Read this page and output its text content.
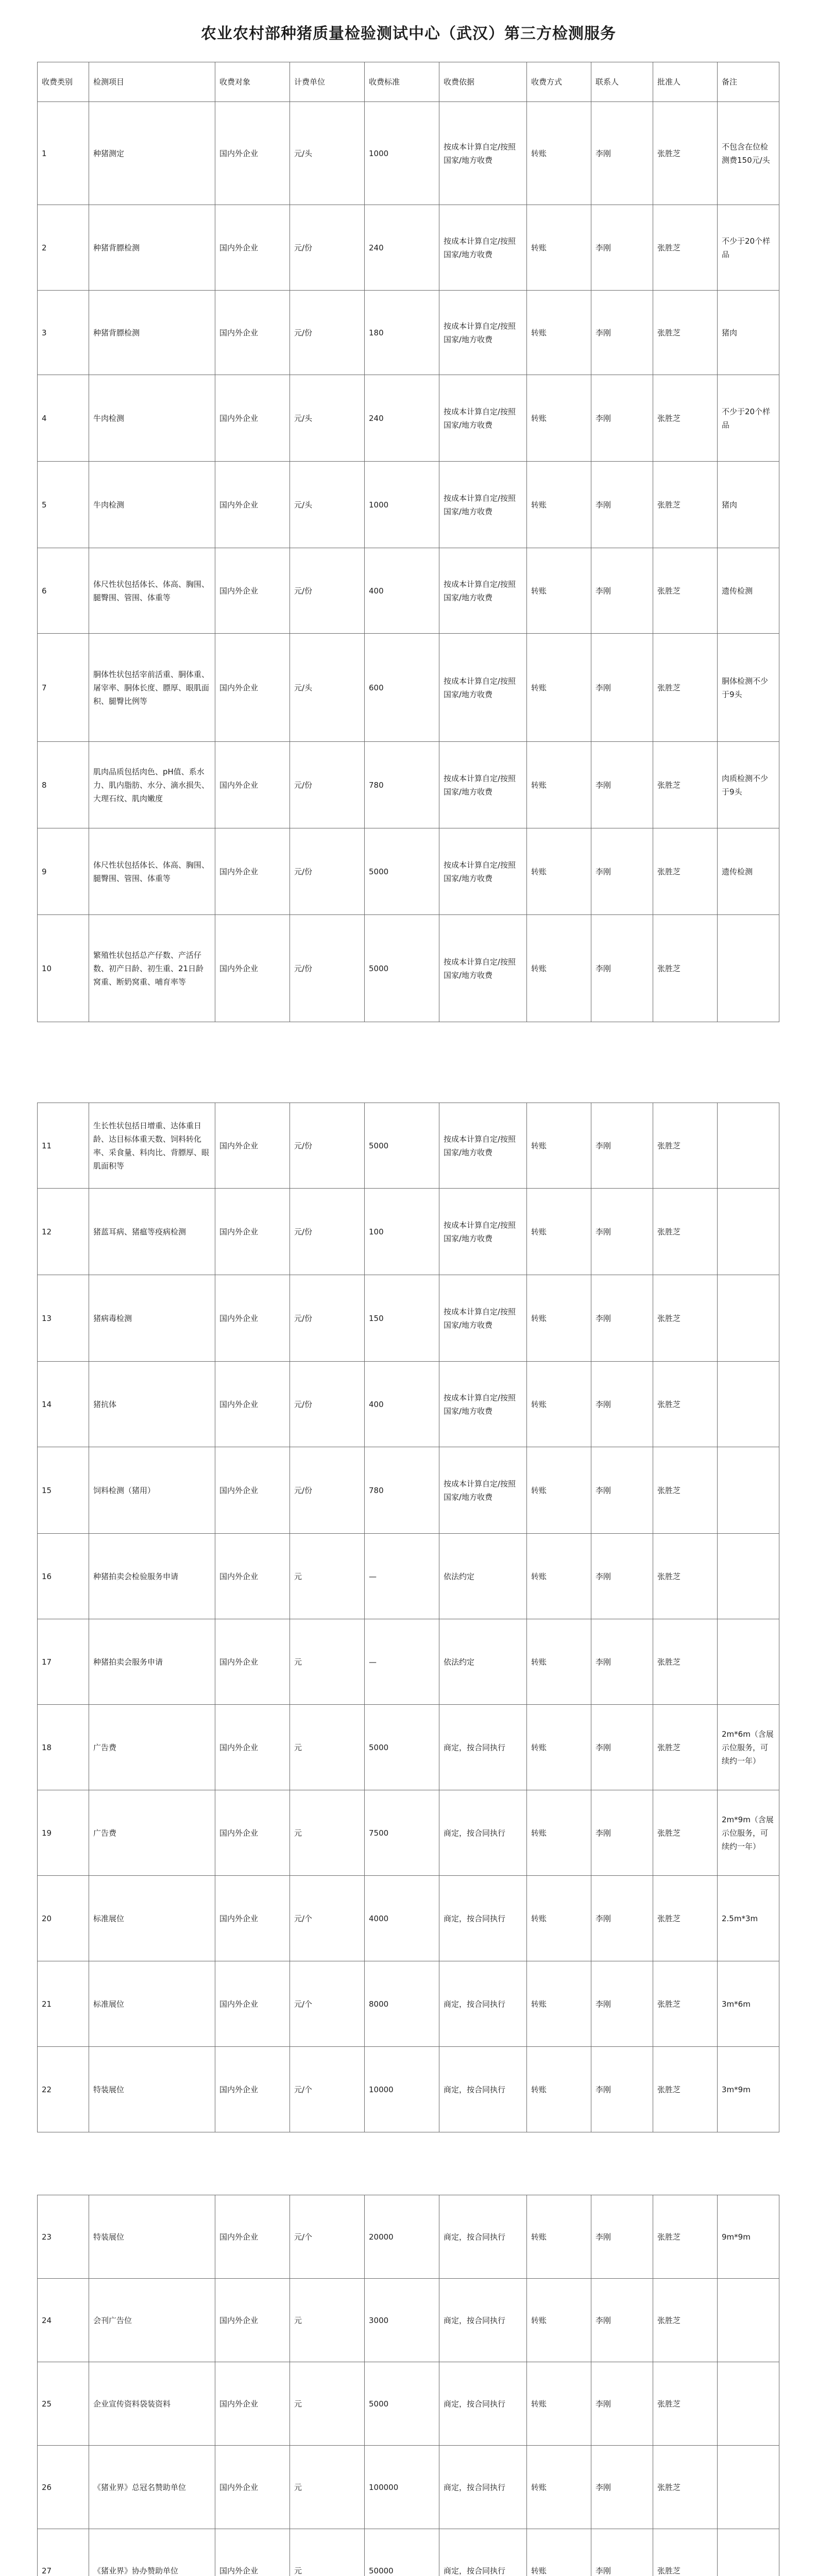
农业农村部种猪质量检验测试中心（武汉）第三方检测服务
收费类别	检测项目	收费对象	计费单位	收费标准	收费依据	收费方式	联系人	批准人	备注
1	种猪测定	国内外企业	元/头	1000	按成本计算自定/按照国家/地方收费	转账	李刚	张胜芝	不包含在位检测费150元/头
2	种猪背膘检测	国内外企业	元/份	240	按成本计算自定/按照国家/地方收费	转账	李刚	张胜芝	不少于20个样品
3	种猪背膘检测	国内外企业	元/份	180	按成本计算自定/按照国家/地方收费	转账	李刚	张胜芝	猪肉
4	牛肉检测	国内外企业	元/头	240	按成本计算自定/按照国家/地方收费	转账	李刚	张胜芝	不少于20个样品
5	牛肉检测	国内外企业	元/头	1000	按成本计算自定/按照国家/地方收费	转账	李刚	张胜芝	猪肉
6	体尺性状包括体长、体高、胸围、腿臀围、管围、体重等	国内外企业	元/份	400	按成本计算自定/按照国家/地方收费	转账	李刚	张胜芝	遗传检测
7	胴体性状包括宰前活重、胴体重、屠宰率、胴体长度、膘厚、眼肌面积、腿臀比例等	国内外企业	元/头	600	按成本计算自定/按照国家/地方收费	转账	李刚	张胜芝	胴体检测不少于9头
8	肌肉品质包括肉色、pH值、系水力、肌内脂肪、水分、滴水损失、大理石纹、肌肉嫩度	国内外企业	元/份	780	按成本计算自定/按照国家/地方收费	转账	李刚	张胜芝	肉质检测不少于9头
9	体尺性状包括体长、体高、胸围、腿臀围、管围、体重等	国内外企业	元/份	5000	按成本计算自定/按照国家/地方收费	转账	李刚	张胜芝	遗传检测
10	繁殖性状包括总产仔数、产活仔数、初产日龄、初生重、21日龄窝重、断奶窝重、哺育率等	国内外企业	元/份	5000	按成本计算自定/按照国家/地方收费	转账	李刚	张胜芝	
11	生长性状包括日增重、达体重日龄、达目标体重天数、饲料转化率、采食量、料肉比、背膘厚、眼肌面积等	国内外企业	元/份	5000	按成本计算自定/按照国家/地方收费	转账	李刚	张胜芝	
12	猪蓝耳病、猪瘟等疫病检测	国内外企业	元/份	100	按成本计算自定/按照国家/地方收费	转账	李刚	张胜芝	
13	猪病毒检测	国内外企业	元/份	150	按成本计算自定/按照国家/地方收费	转账	李刚	张胜芝	
14	猪抗体	国内外企业	元/份	400	按成本计算自定/按照国家/地方收费	转账	李刚	张胜芝	
15	饲料检测（猪用）	国内外企业	元/份	780	按成本计算自定/按照国家/地方收费	转账	李刚	张胜芝	
16	种猪拍卖会检验服务申请	国内外企业	元	—	依法约定	转账	李刚	张胜芝	
17	种猪拍卖会服务申请	国内外企业	元	—	依法约定	转账	李刚	张胜芝	
18	广告费	国内外企业	元	5000	商定，按合同执行	转账	李刚	张胜芝	2m*6m（含展示位服务，可续约一年）
19	广告费	国内外企业	元	7500	商定，按合同执行	转账	李刚	张胜芝	2m*9m（含展示位服务，可续约一年）
20	标准展位	国内外企业	元/个	4000	商定，按合同执行	转账	李刚	张胜芝	2.5m*3m
21	标准展位	国内外企业	元/个	8000	商定，按合同执行	转账	李刚	张胜芝	3m*6m
22	特装展位	国内外企业	元/个	10000	商定，按合同执行	转账	李刚	张胜芝	3m*9m
23	特装展位	国内外企业	元/个	20000	商定，按合同执行	转账	李刚	张胜芝	9m*9m
24	会刊广告位	国内外企业	元	3000	商定，按合同执行	转账	李刚	张胜芝	
25	企业宣传资料袋装资料	国内外企业	元	5000	商定，按合同执行	转账	李刚	张胜芝	
26	《猪业界》总冠名赞助单位	国内外企业	元	100000	商定，按合同执行	转账	李刚	张胜芝	
27	《猪业界》协办赞助单位	国内外企业	元	50000	商定，按合同执行	转账	李刚	张胜芝	
